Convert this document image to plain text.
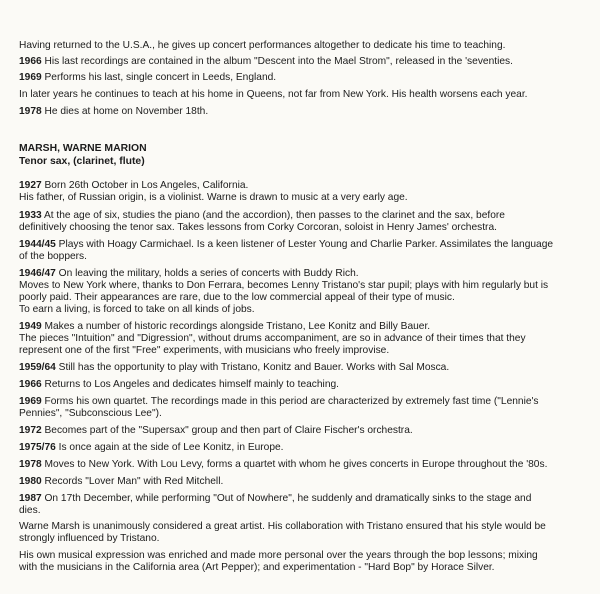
Having returned to the U.S.A., he gives up concert performances altogether to dedicate his time to teaching.
1966 His last recordings are contained in the album "Descent into the Mael Strom", released in the 'seventies.
1969 Performs his last, single concert in Leeds, England.
In later years he continues to teach at his home in Queens, not far from New York. His health worsens each year.
1978 He dies at home on November 18th.
MARSH, WARNE MARION
Tenor sax, (clarinet, flute)
1927 Born 26th October in Los Angeles, California.
His father, of Russian origin, is a violinist. Warne is drawn to music at a very early age.
1933 At the age of six, studies the piano (and the accordion), then passes to the clarinet and the sax, before
definitively choosing the tenor sax. Takes lessons from Corky Corcoran, soloist in Henry James' orchestra.
1944/45 Plays with Hoagy Carmichael. Is a keen listener of Lester Young and Charlie Parker. Assimilates the language
of the boppers.
1946/47 On leaving the military, holds a series of concerts with Buddy Rich.
Moves to New York where, thanks to Don Ferrara, becomes Lenny Tristano's star pupil; plays with him regularly but is
poorly paid. Their appearances are rare, due to the low commercial appeal of their type of music.
To earn a living, is forced to take on all kinds of jobs.
1949 Makes a number of historic recordings alongside Tristano, Lee Konitz and Billy Bauer.
The pieces "Intuition" and "Digression", without drums accompaniment, are so in advance of their times that they
represent one of the first "Free" experiments, with musicians who freely improvise.
1959/64 Still has the opportunity to play with Tristano, Konitz and Bauer. Works with Sal Mosca.
1966 Returns to Los Angeles and dedicates himself mainly to teaching.
1969 Forms his own quartet. The recordings made in this period are characterized by extremely fast time ("Lennie's
Pennies", "Subconscious Lee").
1972 Becomes part of the "Supersax" group and then part of Claire Fischer's orchestra.
1975/76 Is once again at the side of Lee Konitz, in Europe.
1978 Moves to New York. With Lou Levy, forms a quartet with whom he gives concerts in Europe throughout the '80s.
1980 Records "Lover Man" with Red Mitchell.
1987 On 17th December, while performing "Out of Nowhere", he suddenly and dramatically sinks to the stage and
dies.
Warne Marsh is unanimously considered a great artist. His collaboration with Tristano ensured that his style would be
strongly influenced by Tristano.
His own musical expression was enriched and made more personal over the years through the bop lessons; mixing
with the musicians in the California area (Art Pepper); and experimentation - "Hard Bop" by Horace Silver.
